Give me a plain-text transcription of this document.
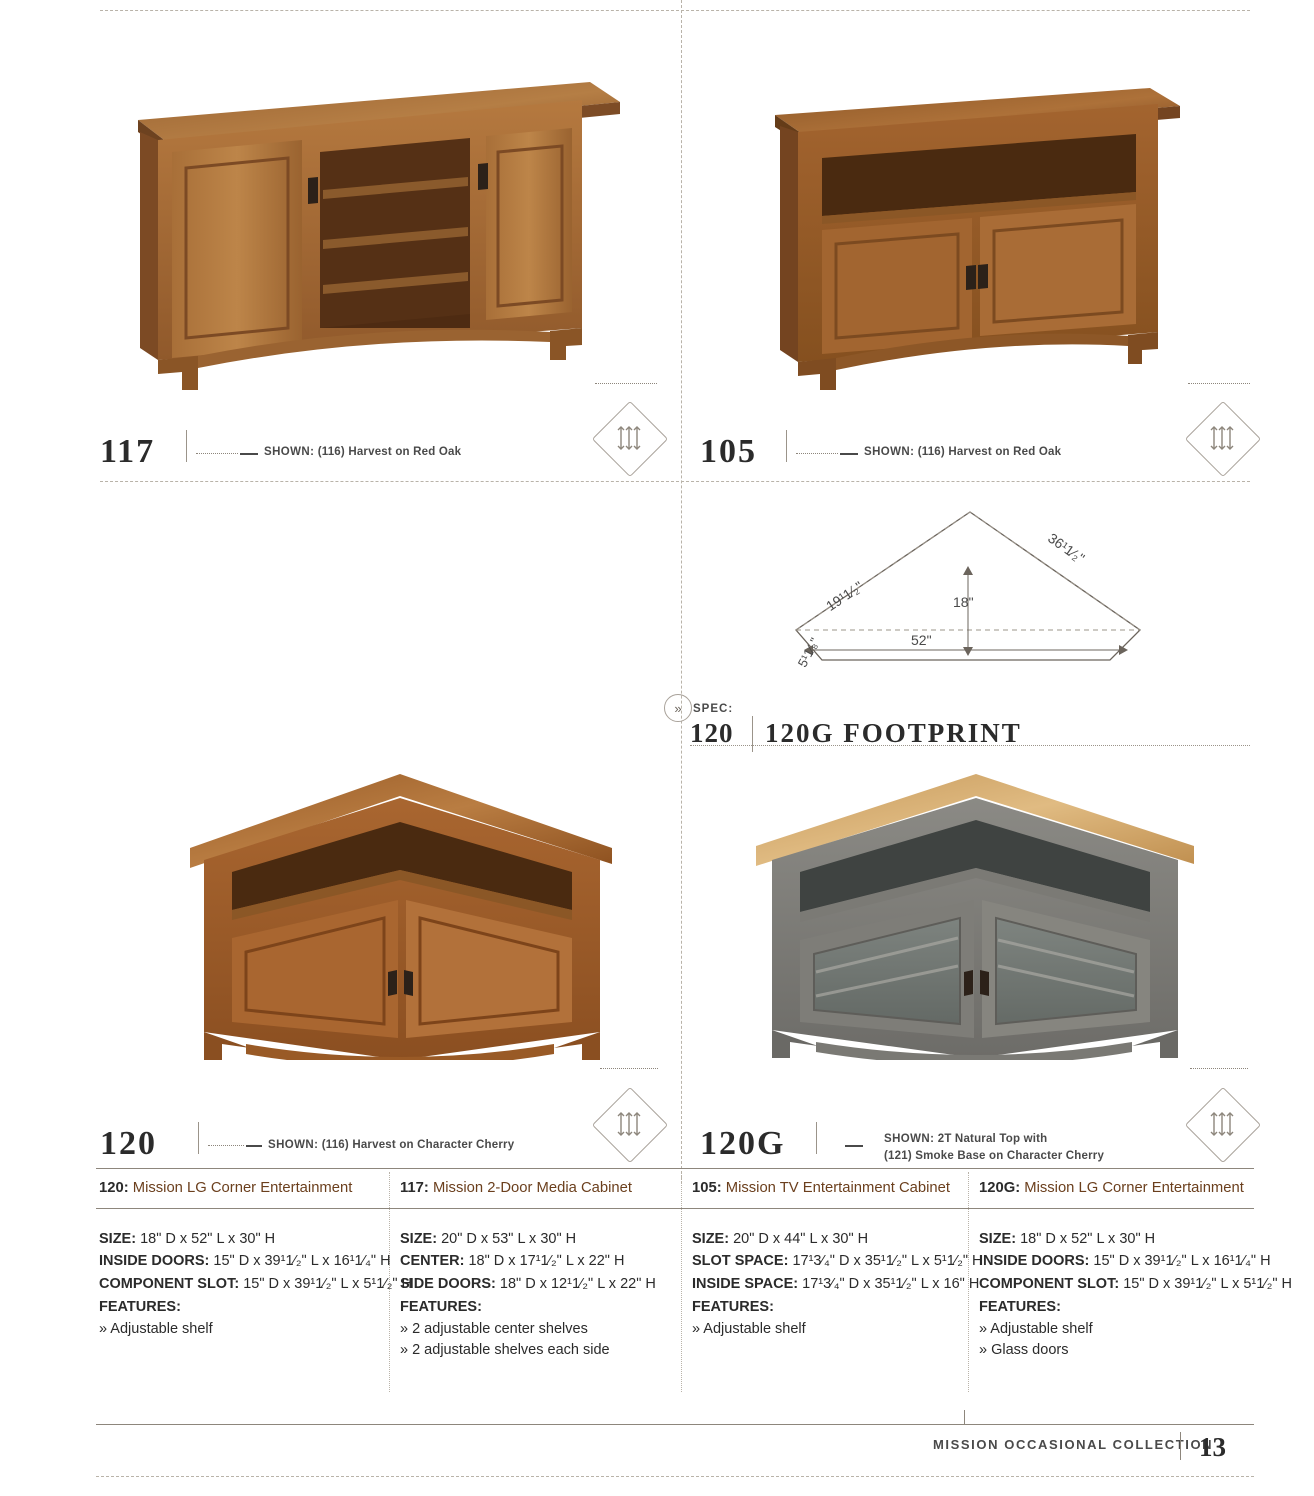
117	SHOWN: (116) Harvest on Red Oak	105	SHOWN: (116) Harvest on Red Oak
19¹1⁄₂ʺ
36¹1⁄₂ʺ
18ʺ
52ʺ
5¹1⁄₈ʺ
» SPEC:
120 120G FOOTPRINT
120	SHOWN: (116) Harvest on Character Cherry	120G	SHOWN: 2T Natural Top with
(121) Smoke Base on Character Cherry
120: Mission LG Corner Entertainment
SIZE: 18ʺ D x 52ʺ L x 30ʺ H
INSIDE DOORS: 15ʺ D x 39¹1⁄₂ʺ L x 16¹1⁄₄ʺ H
COMPONENT SLOT: 15ʺ D x 39¹1⁄₂ʺ L x 5¹1⁄₂ʺ H
FEATURES:
» Adjustable shelf
117: Mission 2-Door Media Cabinet
SIZE: 20ʺ D x 53ʺ L x 30ʺ H
CENTER: 18ʺ D x 17¹1⁄₂ʺ L x 22ʺ H
SIDE DOORS: 18ʺ D x 12¹1⁄₂ʺ L x 22ʺ H
FEATURES:
» 2 adjustable center shelves
» 2 adjustable shelves each side
105: Mission TV Entertainment Cabinet
SIZE: 20ʺ D x 44ʺ L x 30ʺ H
SLOT SPACE: 17¹3⁄₄ʺ D x 35¹1⁄₂ʺ L x 5¹1⁄₂ʺ H
INSIDE SPACE: 17¹3⁄₄ʺ D x 35¹1⁄₂ʺ L x 16ʺ H
FEATURES:
» Adjustable shelf
120G: Mission LG Corner Entertainment
SIZE: 18ʺ D x 52ʺ L x 30ʺ H
INSIDE DOORS: 15ʺ D x 39¹1⁄₂ʺ L x 16¹1⁄₄ʺ H
COMPONENT SLOT: 15ʺ D x 39¹1⁄₂ʺ L x 5¹1⁄₂ʺ H
FEATURES:
» Adjustable shelf
» Glass doors
MISSION OCCASIONAL COLLECTION
13
